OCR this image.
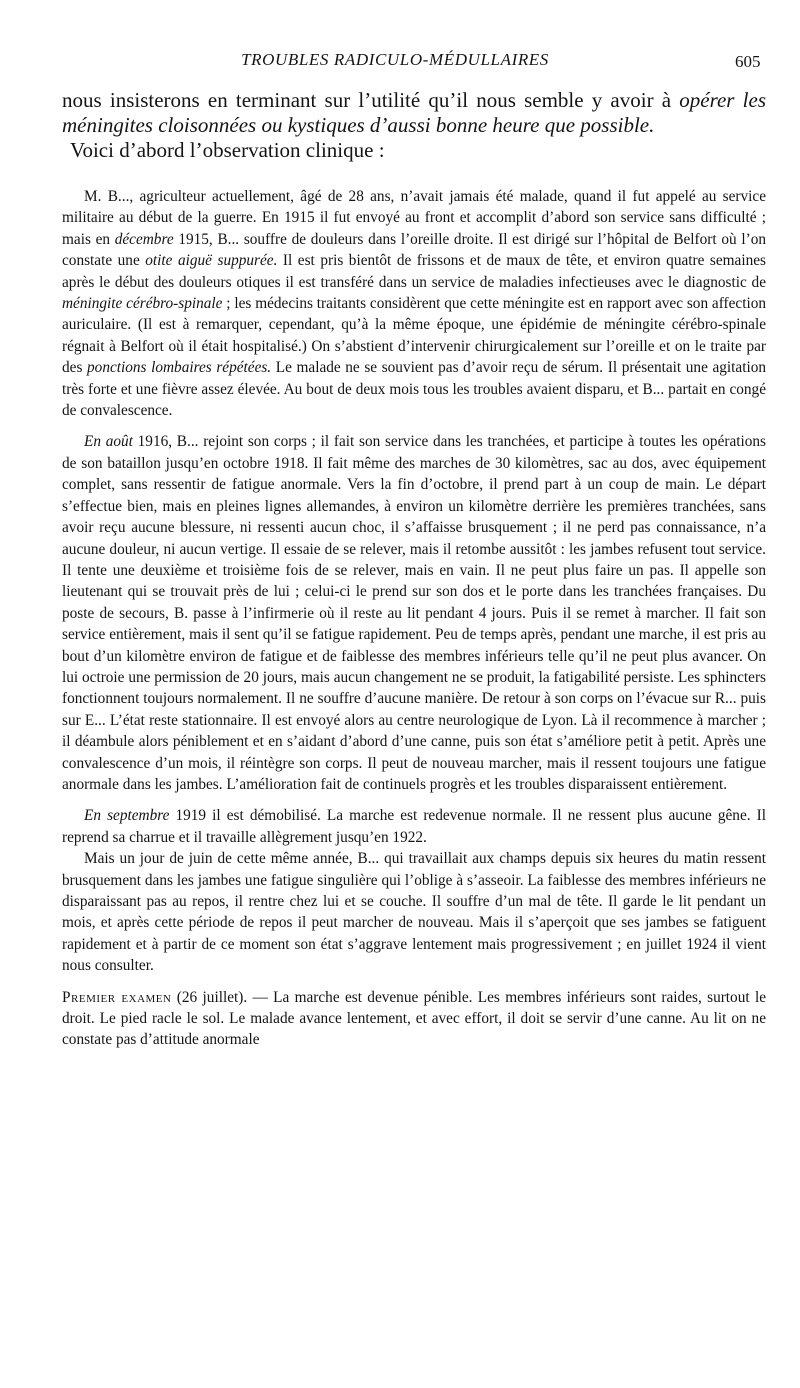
TROUBLES RADICULO-MÉDULLAIRES	605

nous insisterons en terminant sur l’utilité qu’il nous semble y avoir à opérer les méningites cloisonnées ou kystiques d’aussi bonne heure que possible.

Voici d’abord l’observation clinique :

M. B..., agriculteur actuellement, âgé de 28 ans, n’avait jamais été malade, quand il fut appelé au service militaire au début de la guerre. En 1915 il fut envoyé au front et accomplit d’abord son service sans difficulté ; mais en décembre 1915, B... souffre de douleurs dans l’oreille droite. Il est dirigé sur l’hôpital de Belfort où l’on constate une otite aiguë suppurée. Il est pris bientôt de frissons et de maux de tête, et environ quatre semaines après le début des douleurs otiques il est transféré dans un service de maladies infectieuses avec le diagnostic de méningite cérébro-spinale ; les médecins traitants considèrent que cette méningite est en rapport avec son affection auriculaire. (Il est à remarquer, cependant, qu’à la même époque, une épidémie de méningite cérébro-spinale régnait à Belfort où il était hospitalisé.) On s’abstient d’intervenir chirurgicalement sur l’oreille et on le traite par des ponctions lombaires répétées. Le malade ne se souvient pas d’avoir reçu de sérum. Il présentait une agitation très forte et une fièvre assez élevée. Au bout de deux mois tous les troubles avaient disparu, et B... partait en congé de convalescence.

En août 1916, B... rejoint son corps ; il fait son service dans les tranchées, et participe à toutes les opérations de son bataillon jusqu’en octobre 1918. Il fait même des marches de 30 kilomètres, sac au dos, avec équipement complet, sans ressentir de fatigue anormale. Vers la fin d’octobre, il prend part à un coup de main. Le départ s’effectue bien, mais en pleines lignes allemandes, à environ un kilomètre derrière les premières tranchées, sans avoir reçu aucune blessure, ni ressenti aucun choc, il s’affaisse brusquement ; il ne perd pas connaissance, n’a aucune douleur, ni aucun vertige. Il essaie de se relever, mais il retombe aussitôt : les jambes refusent tout service. Il tente une deuxième et troisième fois de se relever, mais en vain. Il ne peut plus faire un pas. Il appelle son lieutenant qui se trouvait près de lui ; celui-ci le prend sur son dos et le porte dans les tranchées françaises. Du poste de secours, B. passe à l’infirmerie où il reste au lit pendant 4 jours. Puis il se remet à marcher. Il fait son service entièrement, mais il sent qu’il se fatigue rapidement. Peu de temps après, pendant une marche, il est pris au bout d’un kilomètre environ de fatigue et de faiblesse des membres inférieurs telle qu’il ne peut plus avancer. On lui octroie une permission de 20 jours, mais aucun changement ne se produit, la fatigabilité persiste. Les sphincters fonctionnent toujours normalement. Il ne souffre d’aucune manière. De retour à son corps on l’évacue sur R... puis sur E... L’état reste stationnaire. Il est envoyé alors au centre neurologique de Lyon. Là il recommence à marcher ; il déambule alors péniblement et en s’aidant d’abord d’une canne, puis son état s’améliore petit à petit. Après une convalescence d’un mois, il réintègre son corps. Il peut de nouveau marcher, mais il ressent toujours une fatigue anormale dans les jambes. L’amélioration fait de continuels progrès et les troubles disparaissent entièrement.

En septembre 1919 il est démobilisé. La marche est redevenue normale. Il ne ressent plus aucune gêne. Il reprend sa charrue et il travaille allègrement jusqu’en 1922.

Mais un jour de juin de cette même année, B... qui travaillait aux champs depuis six heures du matin ressent brusquement dans les jambes une fatigue singulière qui l’oblige à s’asseoir. La faiblesse des membres inférieurs ne disparaissant pas au repos, il rentre chez lui et se couche. Il souffre d’un mal de tête. Il garde le lit pendant un mois, et après cette période de repos il peut marcher de nouveau. Mais il s’aperçoit que ses jambes se fatiguent rapidement et à partir de ce moment son état s’aggrave lentement mais progressivement ; en juillet 1924 il vient nous consulter.

Premier examen (26 juillet). — La marche est devenue pénible. Les membres inférieurs sont raides, surtout le droit. Le pied racle le sol. Le malade avance lentement, et avec effort, il doit se servir d’une canne. Au lit on ne constate pas d’attitude anormale
